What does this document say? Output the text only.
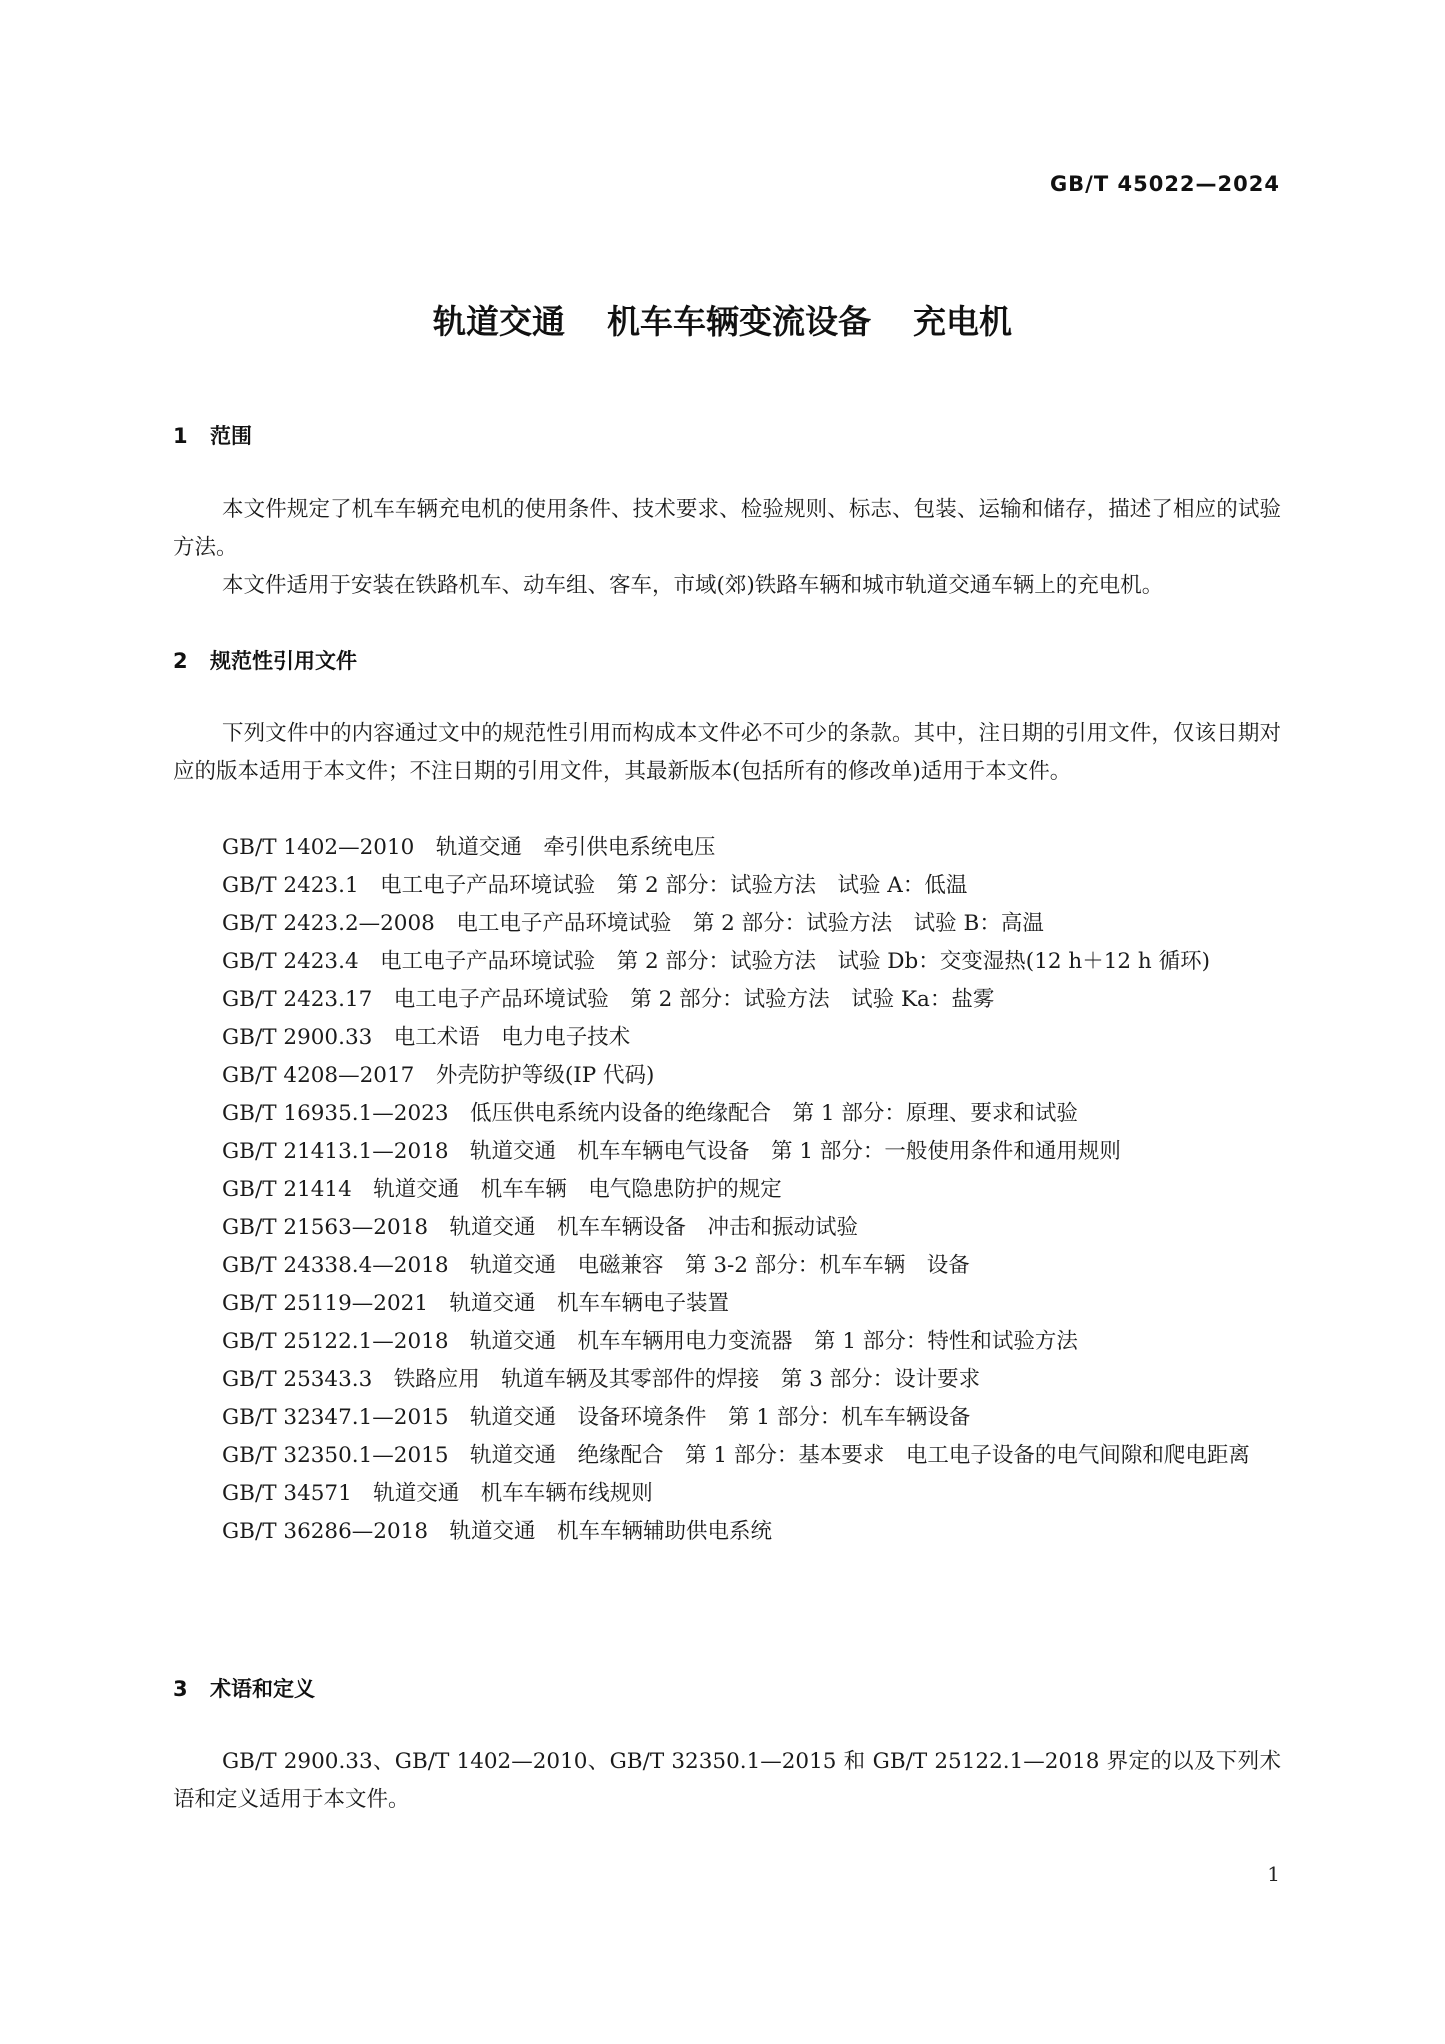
GB/T 45022—2024
轨道交通 机车车辆变流设备 充电机
1 范围

本文件规定了机车车辆充电机的使用条件、技术要求、检验规则、标志、包装、运输和储存，描述了相应的试验方法。

本文件适用于安装在铁路机车、动车组、客车，市域(郊)铁路车辆和城市轨道交通车辆上的充电机。

2 规范性引用文件

下列文件中的内容通过文中的规范性引用而构成本文件必不可少的条款。其中，注日期的引用文件，仅该日期对应的版本适用于本文件；不注日期的引用文件，其最新版本(包括所有的修改单)适用于本文件。

GB/T 1402—2010　轨道交通　牵引供电系统电压
GB/T 2423.1　电工电子产品环境试验　第 2 部分：试验方法　试验 A：低温
GB/T 2423.2—2008　电工电子产品环境试验　第 2 部分：试验方法　试验 B：高温
GB/T 2423.4　电工电子产品环境试验　第 2 部分：试验方法　试验 Db：交变湿热(12 h＋12 h 循环)
GB/T 2423.17　电工电子产品环境试验　第 2 部分：试验方法　试验 Ka：盐雾
GB/T 2900.33　电工术语　电力电子技术
GB/T 4208—2017　外壳防护等级(IP 代码)
GB/T 16935.1—2023　低压供电系统内设备的绝缘配合　第 1 部分：原理、要求和试验
GB/T 21413.1—2018　轨道交通　机车车辆电气设备　第 1 部分：一般使用条件和通用规则
GB/T 21414　轨道交通　机车车辆　电气隐患防护的规定
GB/T 21563—2018　轨道交通　机车车辆设备　冲击和振动试验
GB/T 24338.4—2018　轨道交通　电磁兼容　第 3-2 部分：机车车辆　设备
GB/T 25119—2021　轨道交通　机车车辆电子装置
GB/T 25122.1—2018　轨道交通　机车车辆用电力变流器　第 1 部分：特性和试验方法
GB/T 25343.3　铁路应用　轨道车辆及其零部件的焊接　第 3 部分：设计要求
GB/T 32347.1—2015　轨道交通　设备环境条件　第 1 部分：机车车辆设备
GB/T 32350.1—2015　轨道交通　绝缘配合　第 1 部分：基本要求　电工电子设备的电气间隙和爬电距离
GB/T 34571　轨道交通　机车车辆布线规则
GB/T 36286—2018　轨道交通　机车车辆辅助供电系统
3 术语和定义

GB/T 2900.33、GB/T 1402—2010、GB/T 32350.1—2015 和 GB/T 25122.1—2018 界定的以及下列术语和定义适用于本文件。

1
